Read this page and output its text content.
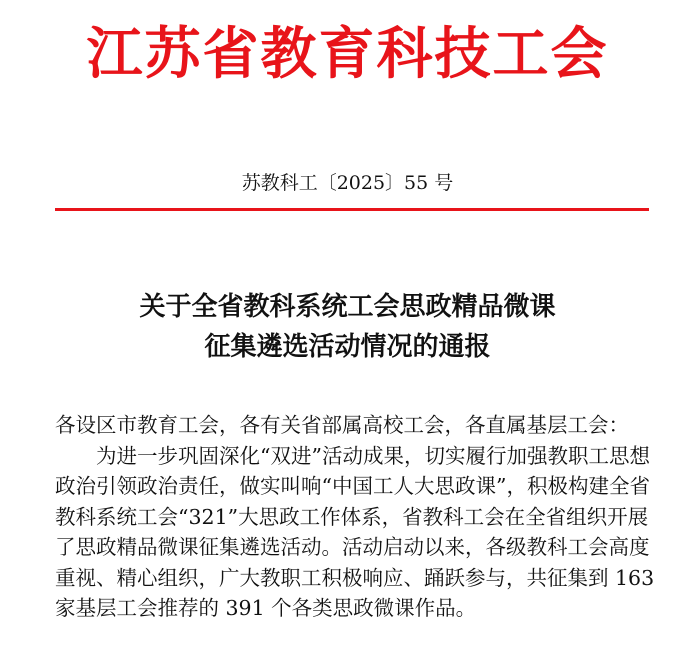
江苏省教育科技工会
苏教科工〔2025〕55 号
关于全省教科系统工会思政精品微课
征集遴选活动情况的通报

各设区市教育工会，各有关省部属高校工会，各直属基层工会：

为进一步巩固深化“双进”活动成果，切实履行加强教职工思想政治引领政治责任，做实叫响“中国工人大思政课”，积极构建全省教科系统工会“321”大思政工作体系，省教科工会在全省组织开展了思政精品微课征集遴选活动。活动启动以来，各级教科工会高度重视、精心组织，广大教职工积极响应、踊跃参与，共征集到 163 家基层工会推荐的 391 个各类思政微课作品。
